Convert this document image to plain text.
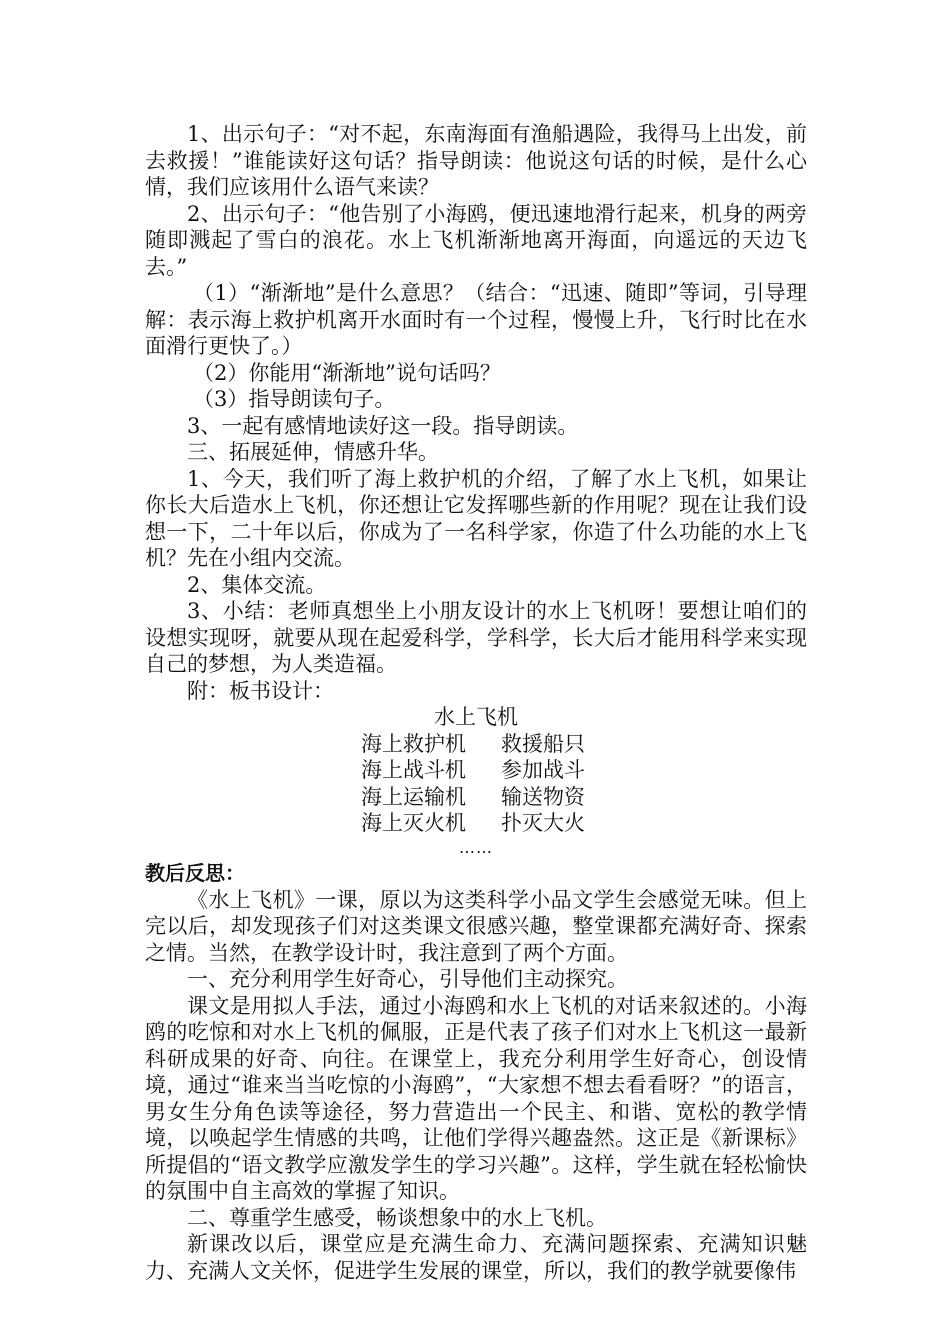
1、出示句子：“对不起，东南海面有渔船遇险，我得马上出发，前去救援！”谁能读好这句话？指导朗读：他说这句话的时候，是什么心情，我们应该用什么语气来读？

2、出示句子：“他告别了小海鸥，便迅速地滑行起来，机身的两旁随即溅起了雪白的浪花。水上飞机渐渐地离开海面，向遥远的天边飞去。”

（1）“渐渐地”是什么意思？（结合：“迅速、随即”等词，引导理解：表示海上救护机离开水面时有一个过程，慢慢上升，飞行时比在水面滑行更快了。）

（2）你能用“渐渐地”说句话吗？

（3）指导朗读句子。

3、一起有感情地读好这一段。指导朗读。

三、拓展延伸，情感升华。

1、今天，我们听了海上救护机的介绍，了解了水上飞机，如果让你长大后造水上飞机，你还想让它发挥哪些新的作用呢？现在让我们设想一下，二十年以后，你成为了一名科学家，你造了什么功能的水上飞机？先在小组内交流。

2、集体交流。

3、小结：老师真想坐上小朋友设计的水上飞机呀！要想让咱们的设想实现呀，就要从现在起爱科学，学科学，长大后才能用科学来实现自己的梦想，为人类造福。

附：板书设计：

水上飞机
海上救护机	救援船只
海上战斗机	参加战斗
海上运输机	输送物资
海上灭火机	扑灭大火
……
教后反思：

《水上飞机》一课，原以为这类科学小品文学生会感觉无味。但上完以后，却发现孩子们对这类课文很感兴趣，整堂课都充满好奇、探索之情。当然，在教学设计时，我注意到了两个方面。

一、充分利用学生好奇心，引导他们主动探究。

课文是用拟人手法，通过小海鸥和水上飞机的对话来叙述的。小海鸥的吃惊和对水上飞机的佩服，正是代表了孩子们对水上飞机这一最新科研成果的好奇、向往。在课堂上，我充分利用学生好奇心，创设情境，通过“谁来当当吃惊的小海鸥”，“大家想不想去看看呀？”的语言，男女生分角色读等途径，努力营造出一个民主、和谐、宽松的教学情境，以唤起学生情感的共鸣，让他们学得兴趣盎然。这正是《新课标》所提倡的“语文教学应激发学生的学习兴趣”。这样，学生就在轻松愉快的氛围中自主高效的掌握了知识。

二、尊重学生感受，畅谈想象中的水上飞机。

新课改以后，课堂应是充满生命力、充满问题探索、充满知识魅力、充满人文关怀，促进学生发展的课堂，所以，我们的教学就要像伟
